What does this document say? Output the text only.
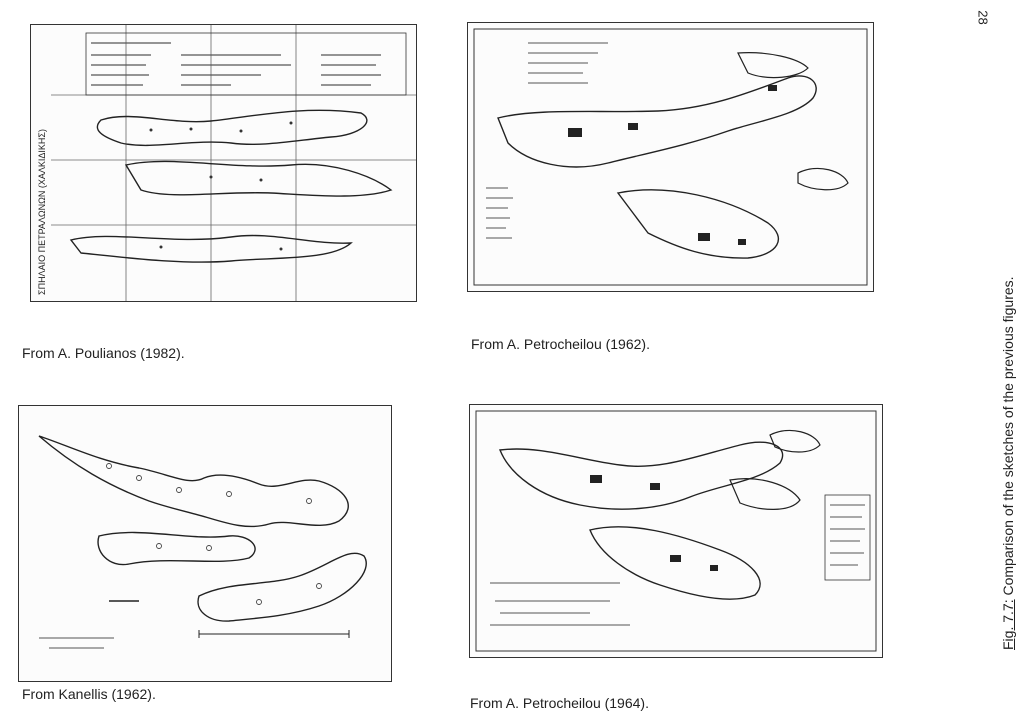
28
ΣΠΗΛΑΙΟ ΠΕΤΡΑΛΩΝΩΝ (ΧΑΛΚΙΔΙΚΗΣ)
From A. Poulianos (1982).
From A. Petrocheilou (1962).
From Kanellis (1962).
From A. Petrocheilou (1964).
Fig. 7.7: Comparison of the sketches of the previous figures.
